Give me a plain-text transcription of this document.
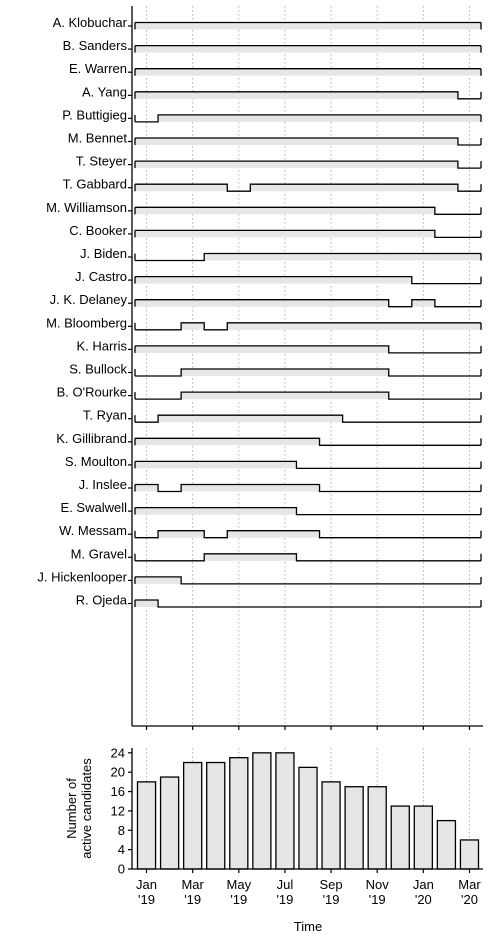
A. Klobuchar
B. Sanders
E. Warren
A. Yang
P. Buttigieg
M. Bennet
T. Steyer
T. Gabbard
M. Williamson
C. Booker
J. Biden
J. Castro
J. K. Delaney
M. Bloomberg
K. Harris
S. Bullock
B. O'Rourke
T. Ryan
K. Gillibrand
S. Moulton
J. Inslee
E. Swalwell
W. Messam
M. Gravel
J. Hickenlooper
R. Ojeda
0
4
8
12
16
20
24
Jan
'19
Mar
'19
May
'19
Jul
'19
Sep
'19
Nov
'19
Jan
'20
Mar
'20
Number of active candidates
Time
